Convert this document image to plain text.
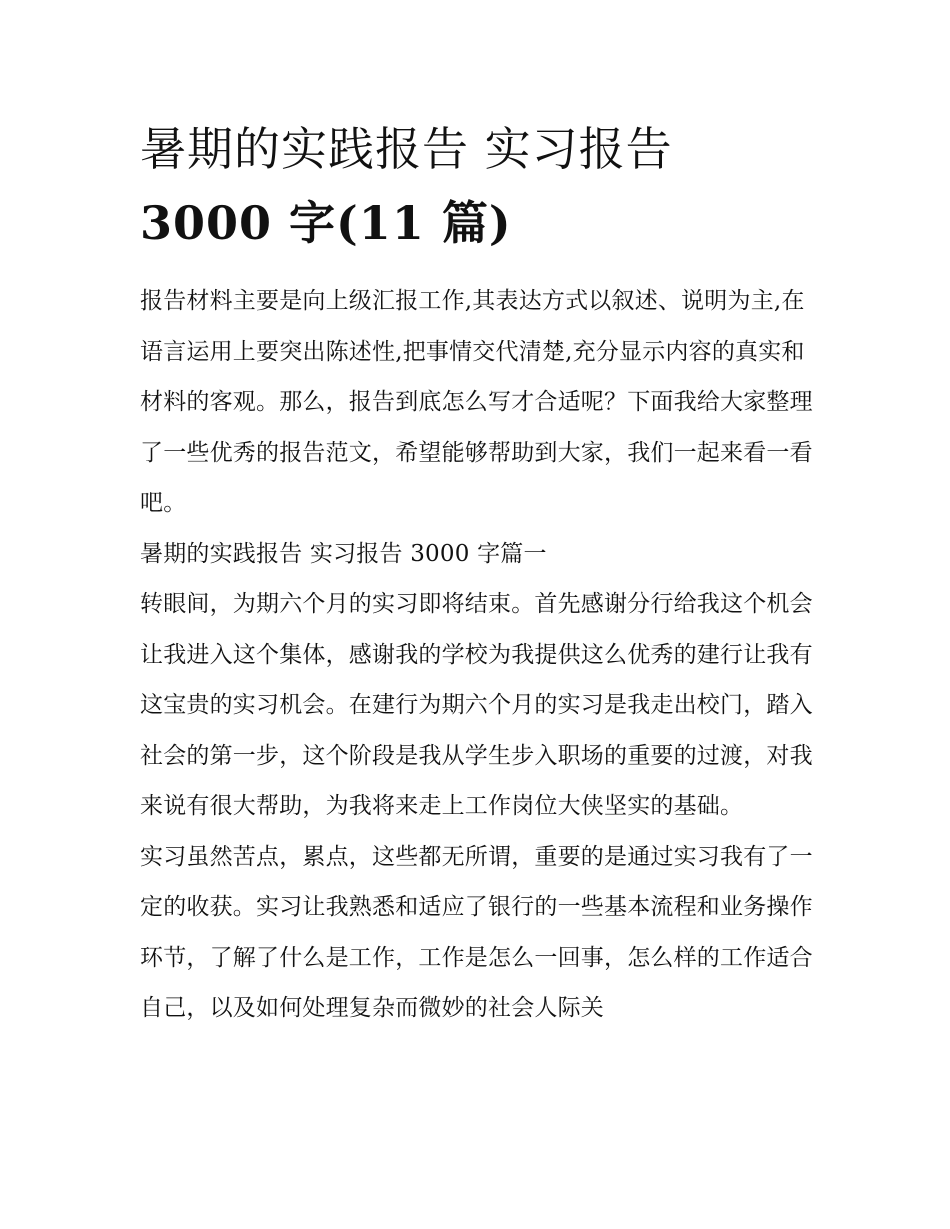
暑期的实践报告 实习报告
3000 字(11 篇)

报告材料主要是向上级汇报工作,其表达方式以叙述、说明为主,在语言运用上要突出陈述性,把事情交代清楚,充分显示内容的真实和材料的客观。那么，报告到底怎么写才合适呢？下面我给大家整理了一些优秀的报告范文，希望能够帮助到大家，我们一起来看一看吧。

暑期的实践报告 实习报告 3000 字篇一

转眼间，为期六个月的实习即将结束。首先感谢分行给我这个机会让我进入这个集体，感谢我的学校为我提供这么优秀的建行让我有这宝贵的实习机会。在建行为期六个月的实习是我走出校门，踏入社会的第一步，这个阶段是我从学生步入职场的重要的过渡，对我来说有很大帮助，为我将来走上工作岗位大侠坚实的基础。

实习虽然苦点，累点，这些都无所谓，重要的是通过实习我有了一定的收获。实习让我熟悉和适应了银行的一些基本流程和业务操作环节，了解了什么是工作，工作是怎么一回事，怎么样的工作适合自己，以及如何处理复杂而微妙的社会人际关
